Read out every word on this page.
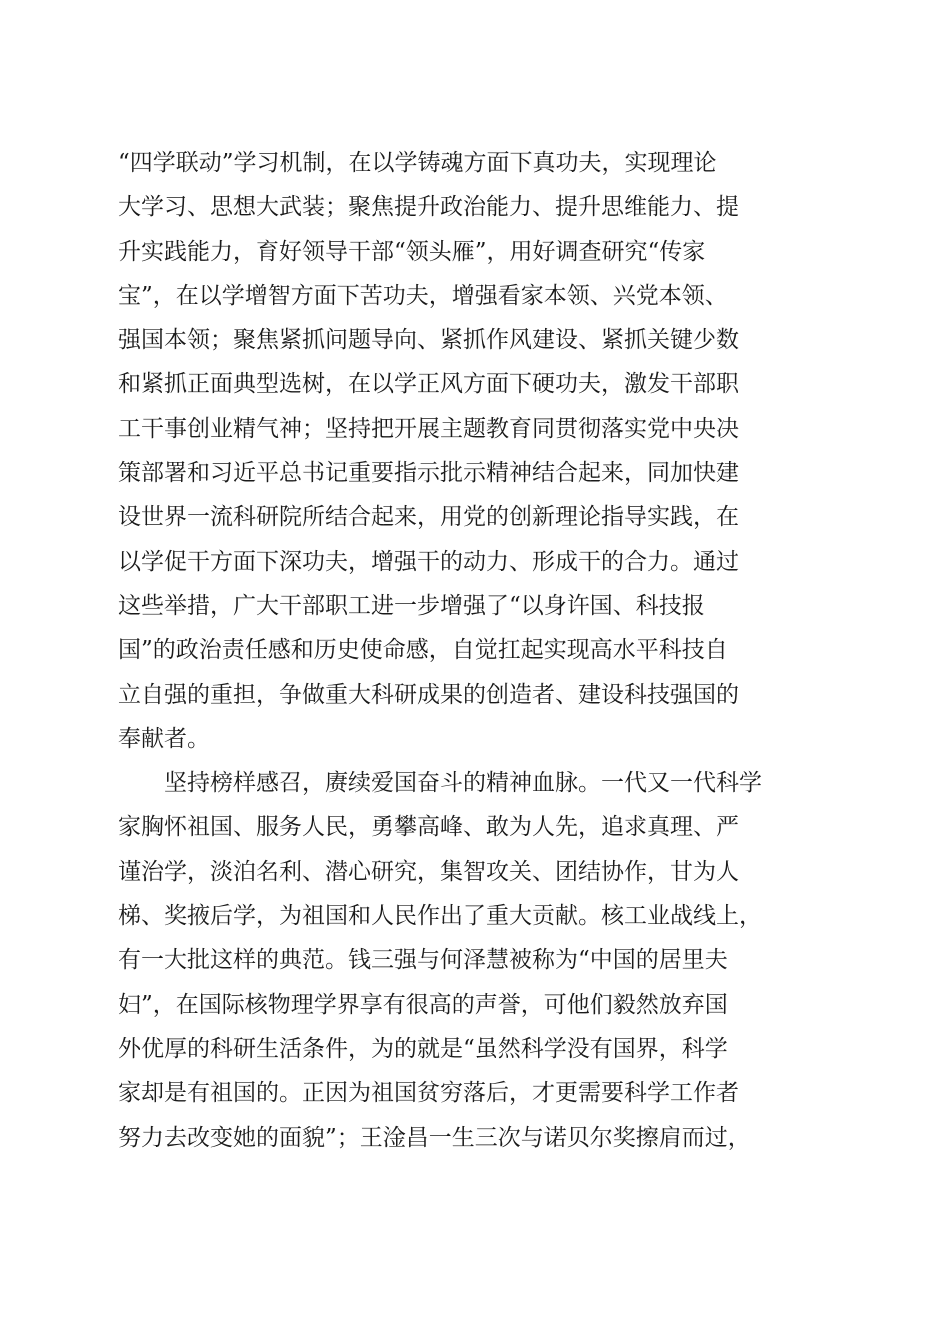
“四学联动”学习机制，在以学铸魂方面下真功夫，实现理论
大学习、思想大武装；聚焦提升政治能力、提升思维能力、提
升实践能力，育好领导干部“领头雁”，用好调查研究“传家
宝”，在以学增智方面下苦功夫，增强看家本领、兴党本领、
强国本领；聚焦紧抓问题导向、紧抓作风建设、紧抓关键少数
和紧抓正面典型选树，在以学正风方面下硬功夫，激发干部职
工干事创业精气神；坚持把开展主题教育同贯彻落实党中央决
策部署和习近平总书记重要指示批示精神结合起来，同加快建
设世界一流科研院所结合起来，用党的创新理论指导实践，在
以学促干方面下深功夫，增强干的动力、形成干的合力。通过
这些举措，广大干部职工进一步增强了“以身许国、科技报
国”的政治责任感和历史使命感，自觉扛起实现高水平科技自
立自强的重担，争做重大科研成果的创造者、建设科技强国的
奉献者。
坚持榜样感召，赓续爱国奋斗的精神血脉。一代又一代科学
家胸怀祖国、服务人民，勇攀高峰、敢为人先，追求真理、严
谨治学，淡泊名利、潜心研究，集智攻关、团结协作，甘为人
梯、奖掖后学，为祖国和人民作出了重大贡献。核工业战线上，
有一大批这样的典范。钱三强与何泽慧被称为“中国的居里夫
妇”，在国际核物理学界享有很高的声誉，可他们毅然放弃国
外优厚的科研生活条件，为的就是“虽然科学没有国界，科学
家却是有祖国的。正因为祖国贫穷落后，才更需要科学工作者
努力去改变她的面貌”；王淦昌一生三次与诺贝尔奖擦肩而过，
